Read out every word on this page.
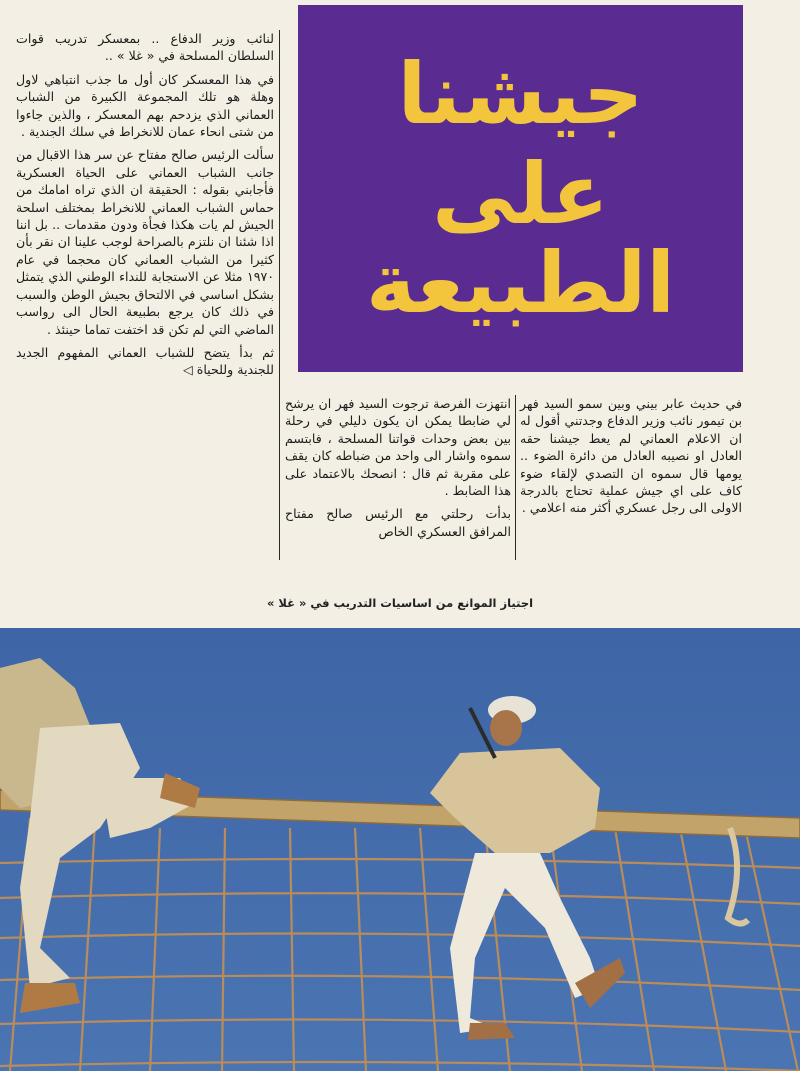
جيشنا
على الطبيعة

لنائب وزير الدفاع .. بمعسكر تدريب قوات السلطان المسلحة في « غلا » ..

في هذا المعسكر كان أول ما جذب انتباهي لاول وهلة هو تلك المجموعة الكبيرة من الشباب العماني الذي يزدحم بهم المعسكر ، والذين جاءوا من شتى انحاء عمان للانخراط في سلك الجندية .

سألت الرئيس صالح مفتاح عن سر هذا الاقبال من جانب الشباب العماني على الحياة العسكرية فأجابني بقوله : الحقيقة ان الذي تراه امامك من حماس الشباب العماني للانخراط بمختلف اسلحة الجيش لم يات هكذا فجأة ودون مقدمات .. بل اننا اذا شئنا ان نلتزم بالصراحة لوجب علينا ان نقر بأن كثيرا من الشباب العماني كان محجما في عام ١٩٧٠ مثلا عن الاستجابة للنداء الوطني الذي يتمثل بشكل اساسي في الالتحاق بجيش الوطن والسبب في ذلك كان يرجع بطبيعة الحال الى رواسب الماضي التي لم تكن قد اختفت تماما حينئذ .

ثم بدأ يتضح للشباب العماني المفهوم الجديد للجندية وللحياة ◁

انتهزت الفرصة ترجوت السيد فهر ان يرشح لي ضابطا يمكن ان يكون دليلي في رحلة بين بعض وحدات قواتنا المسلحة ، فابتسم سموه واشار الى واحد من ضباطه كان يقف على مقربة ثم قال : انصحك بالاعتماد على هذا الضابط .

بدأت رحلتي مع الرئيس صالح مفتاح المرافق العسكري الخاص

في حديث عابر بيني وبين سمو السيد فهر بن تيمور نائب وزير الدفاع وجدتني أقول له ان الاعلام العماني لم يعط جيشنا حقه العادل او نصيبه العادل من دائرة الضوء .. يومها قال سموه ان التصدي لإلقاء ضوء كاف على اي جيش عملية تحتاج بالدرجة الاولى الى رجل عسكري أكثر منه اعلامي .

اجتياز الموانع من اساسيات التدريب في « غلا »
